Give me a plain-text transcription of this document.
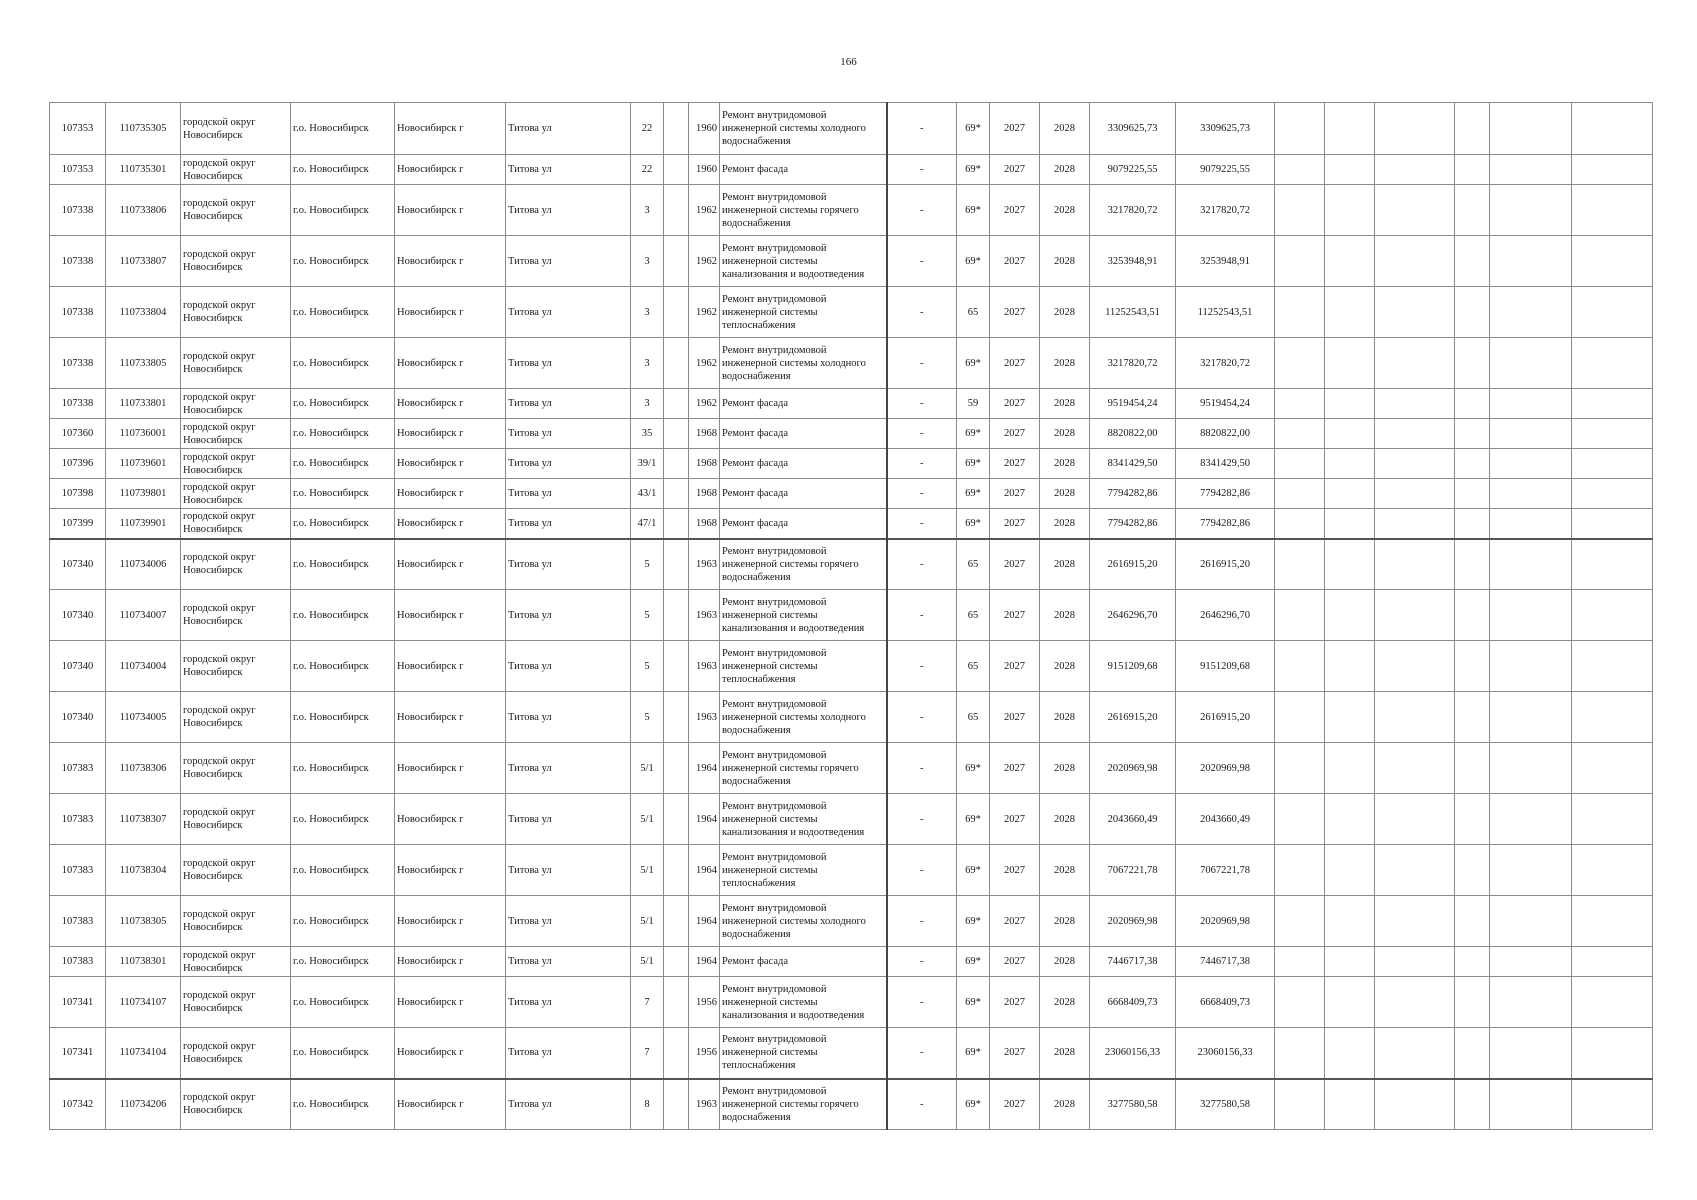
166
107353	110735305	городской округ Новосибирск	г.о. Новосибирск	Новосибирск г	Титова ул	22		1960	Ремонт внутридомовой инженерной системы холодного водоснабжения	-	69*	2027	2028	3309625,73	3309625,73						
107353	110735301	городской округ Новосибирск	г.о. Новосибирск	Новосибирск г	Титова ул	22		1960	Ремонт фасада	-	69*	2027	2028	9079225,55	9079225,55						
107338	110733806	городской округ Новосибирск	г.о. Новосибирск	Новосибирск г	Титова ул	3		1962	Ремонт внутридомовой инженерной системы горячего водоснабжения	-	69*	2027	2028	3217820,72	3217820,72						
107338	110733807	городской округ Новосибирск	г.о. Новосибирск	Новосибирск г	Титова ул	3		1962	Ремонт внутридомовой инженерной системы канализования и водоотведения	-	69*	2027	2028	3253948,91	3253948,91						
107338	110733804	городской округ Новосибирск	г.о. Новосибирск	Новосибирск г	Титова ул	3		1962	Ремонт внутридомовой инженерной системы теплоснабжения	-	65	2027	2028	11252543,51	11252543,51						
107338	110733805	городской округ Новосибирск	г.о. Новосибирск	Новосибирск г	Титова ул	3		1962	Ремонт внутридомовой инженерной системы холодного водоснабжения	-	69*	2027	2028	3217820,72	3217820,72						
107338	110733801	городской округ Новосибирск	г.о. Новосибирск	Новосибирск г	Титова ул	3		1962	Ремонт фасада	-	59	2027	2028	9519454,24	9519454,24						
107360	110736001	городской округ Новосибирск	г.о. Новосибирск	Новосибирск г	Титова ул	35		1968	Ремонт фасада	-	69*	2027	2028	8820822,00	8820822,00						
107396	110739601	городской округ Новосибирск	г.о. Новосибирск	Новосибирск г	Титова ул	39/1		1968	Ремонт фасада	-	69*	2027	2028	8341429,50	8341429,50						
107398	110739801	городской округ Новосибирск	г.о. Новосибирск	Новосибирск г	Титова ул	43/1		1968	Ремонт фасада	-	69*	2027	2028	7794282,86	7794282,86						
107399	110739901	городской округ Новосибирск	г.о. Новосибирск	Новосибирск г	Титова ул	47/1		1968	Ремонт фасада	-	69*	2027	2028	7794282,86	7794282,86						
107340	110734006	городской округ Новосибирск	г.о. Новосибирск	Новосибирск г	Титова ул	5		1963	Ремонт внутридомовой инженерной системы горячего водоснабжения	-	65	2027	2028	2616915,20	2616915,20						
107340	110734007	городской округ Новосибирск	г.о. Новосибирск	Новосибирск г	Титова ул	5		1963	Ремонт внутридомовой инженерной системы канализования и водоотведения	-	65	2027	2028	2646296,70	2646296,70						
107340	110734004	городской округ Новосибирск	г.о. Новосибирск	Новосибирск г	Титова ул	5		1963	Ремонт внутридомовой инженерной системы теплоснабжения	-	65	2027	2028	9151209,68	9151209,68						
107340	110734005	городской округ Новосибирск	г.о. Новосибирск	Новосибирск г	Титова ул	5		1963	Ремонт внутридомовой инженерной системы холодного водоснабжения	-	65	2027	2028	2616915,20	2616915,20						
107383	110738306	городской округ Новосибирск	г.о. Новосибирск	Новосибирск г	Титова ул	5/1		1964	Ремонт внутридомовой инженерной системы горячего водоснабжения	-	69*	2027	2028	2020969,98	2020969,98						
107383	110738307	городской округ Новосибирск	г.о. Новосибирск	Новосибирск г	Титова ул	5/1		1964	Ремонт внутридомовой инженерной системы канализования и водоотведения	-	69*	2027	2028	2043660,49	2043660,49						
107383	110738304	городской округ Новосибирск	г.о. Новосибирск	Новосибирск г	Титова ул	5/1		1964	Ремонт внутридомовой инженерной системы теплоснабжения	-	69*	2027	2028	7067221,78	7067221,78						
107383	110738305	городской округ Новосибирск	г.о. Новосибирск	Новосибирск г	Титова ул	5/1		1964	Ремонт внутридомовой инженерной системы холодного водоснабжения	-	69*	2027	2028	2020969,98	2020969,98						
107383	110738301	городской округ Новосибирск	г.о. Новосибирск	Новосибирск г	Титова ул	5/1		1964	Ремонт фасада	-	69*	2027	2028	7446717,38	7446717,38						
107341	110734107	городской округ Новосибирск	г.о. Новосибирск	Новосибирск г	Титова ул	7		1956	Ремонт внутридомовой инженерной системы канализования и водоотведения	-	69*	2027	2028	6668409,73	6668409,73						
107341	110734104	городской округ Новосибирск	г.о. Новосибирск	Новосибирск г	Титова ул	7		1956	Ремонт внутридомовой инженерной системы теплоснабжения	-	69*	2027	2028	23060156,33	23060156,33						
107342	110734206	городской округ Новосибирск	г.о. Новосибирск	Новосибирск г	Титова ул	8		1963	Ремонт внутридомовой инженерной системы горячего водоснабжения	-	69*	2027	2028	3277580,58	3277580,58						
